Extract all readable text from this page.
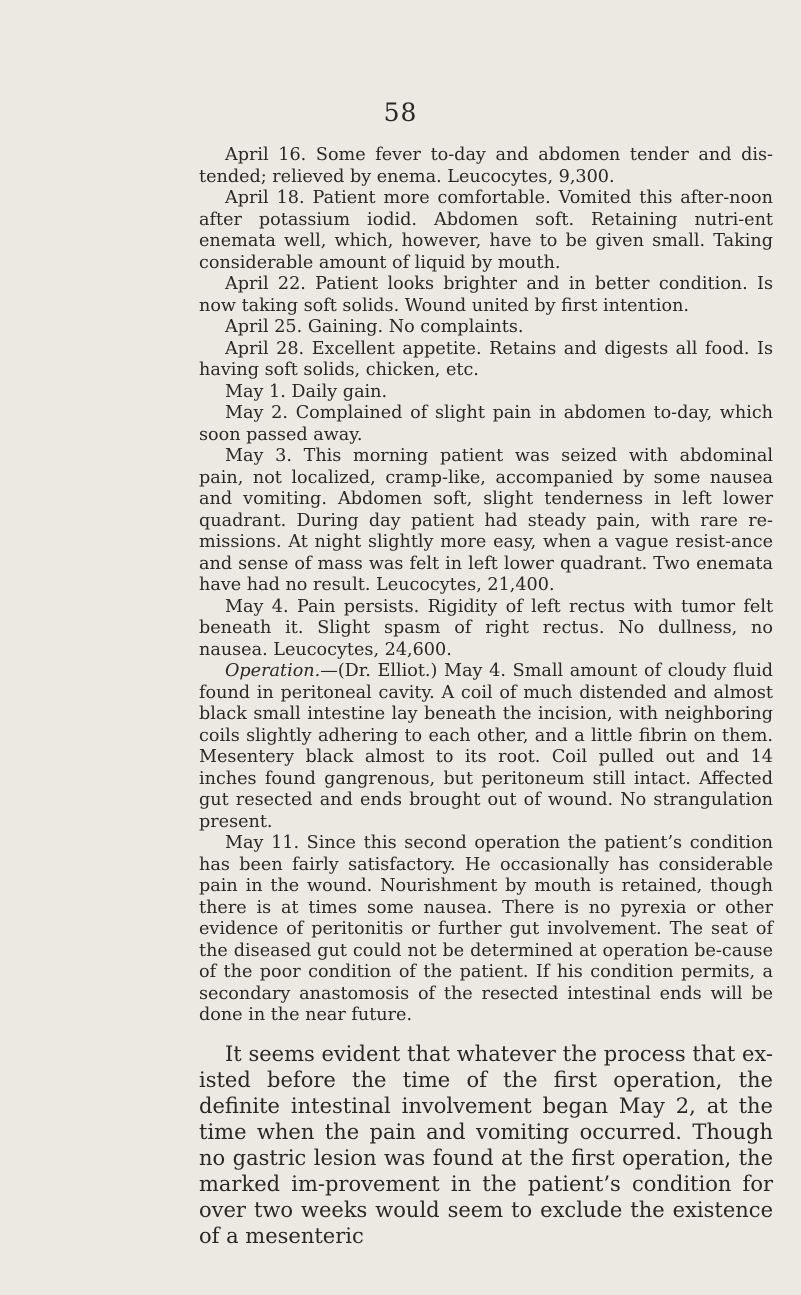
58

April 16. Some fever to-day and abdomen tender and dis-tended; relieved by enema. Leucocytes, 9,300.

April 18. Patient more comfortable. Vomited this after-noon after potassium iodid. Abdomen soft. Retaining nutri-ent enemata well, which, however, have to be given small. Taking considerable amount of liquid by mouth.

April 22. Patient looks brighter and in better condition. Is now taking soft solids. Wound united by first intention.

April 25. Gaining. No complaints.

April 28. Excellent appetite. Retains and digests all food. Is having soft solids, chicken, etc.

May 1. Daily gain.

May 2. Complained of slight pain in abdomen to-day, which soon passed away.

May 3. This morning patient was seized with abdominal pain, not localized, cramp-like, accompanied by some nausea and vomiting. Abdomen soft, slight tenderness in left lower quadrant. During day patient had steady pain, with rare re-missions. At night slightly more easy, when a vague resist-ance and sense of mass was felt in left lower quadrant. Two enemata have had no result. Leucocytes, 21,400.

May 4. Pain persists. Rigidity of left rectus with tumor felt beneath it. Slight spasm of right rectus. No dullness, no nausea. Leucocytes, 24,600.

Operation.—(Dr. Elliot.) May 4. Small amount of cloudy fluid found in peritoneal cavity. A coil of much distended and almost black small intestine lay beneath the incision, with neighboring coils slightly adhering to each other, and a little fibrin on them. Mesentery black almost to its root. Coil pulled out and 14 inches found gangrenous, but peritoneum still intact. Affected gut resected and ends brought out of wound. No strangulation present.

May 11. Since this second operation the patient’s condition has been fairly satisfactory. He occasionally has considerable pain in the wound. Nourishment by mouth is retained, though there is at times some nausea. There is no pyrexia or other evidence of peritonitis or further gut involvement. The seat of the diseased gut could not be determined at operation be-cause of the poor condition of the patient. If his condition permits, a secondary anastomosis of the resected intestinal ends will be done in the near future.

It seems evident that whatever the process that ex-isted before the time of the first operation, the definite intestinal involvement began May 2, at the time when the pain and vomiting occurred. Though no gastric lesion was found at the first operation, the marked im-provement in the patient’s condition for over two weeks would seem to exclude the existence of a mesenteric
